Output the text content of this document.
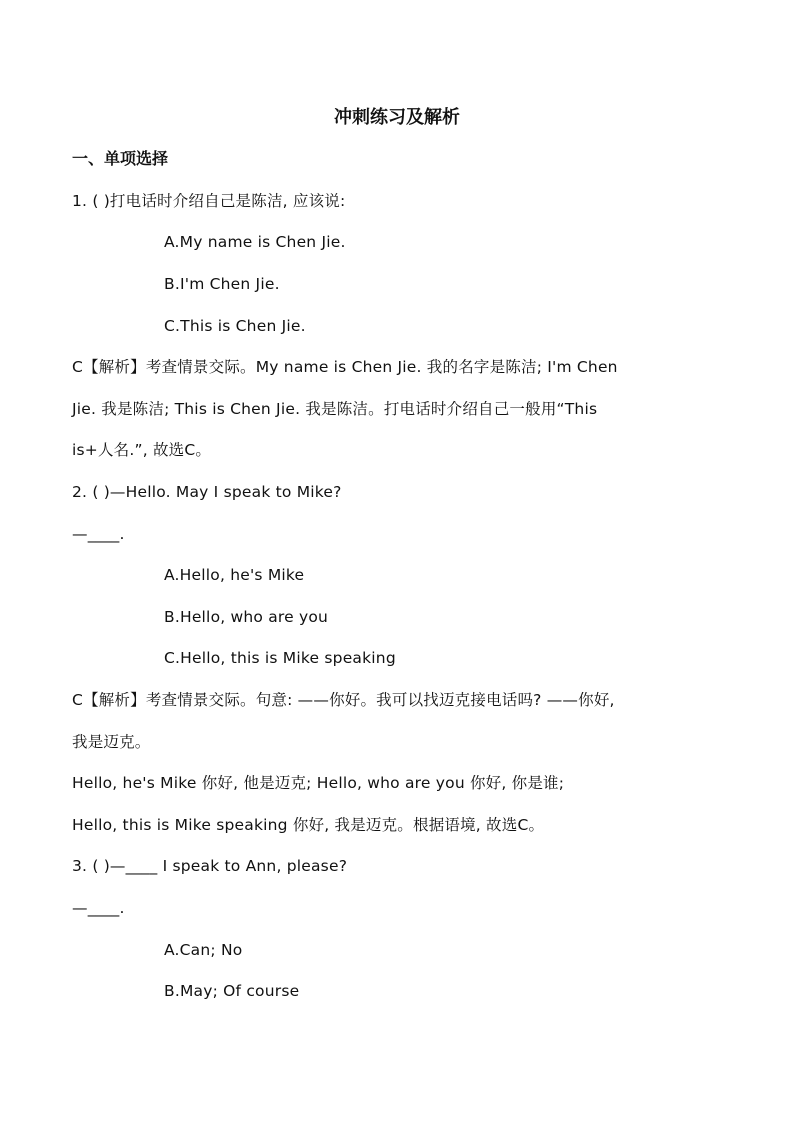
冲刺练习及解析
一、单项选择
1. ( )打电话时介绍自己是陈洁, 应该说:
A.My name is Chen Jie.
B.I'm Chen Jie.
C.This is Chen Jie.
C【解析】考查情景交际。My name is Chen Jie. 我的名字是陈洁; I'm Chen
Jie. 我是陈洁; This is Chen Jie. 我是陈洁。打电话时介绍自己一般用“This
is+人名.”, 故选C。
2. ( )—Hello. May I speak to Mike?
—____.
A.Hello, he's Mike
B.Hello, who are you
C.Hello, this is Mike speaking
C【解析】考查情景交际。句意: ——你好。我可以找迈克接电话吗? ——你好,
我是迈克。
Hello, he's Mike 你好, 他是迈克; Hello, who are you 你好, 你是谁;
Hello, this is Mike speaking 你好, 我是迈克。根据语境, 故选C。
3. ( )—____ I speak to Ann, please?
—____.
A.Can; No
B.May; Of course
